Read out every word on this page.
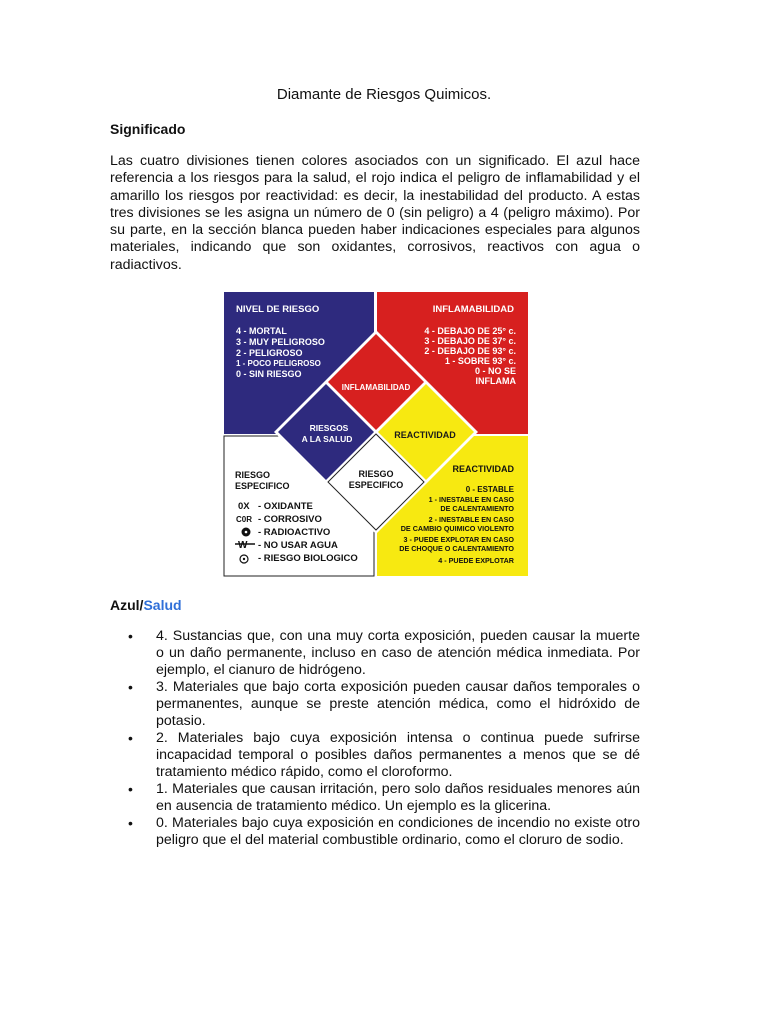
Diamante de Riesgos Quimicos.
Significado

Las cuatro divisiones tienen colores asociados con un significado. El azul hace referencia a los riesgos para la salud, el rojo indica el peligro de inflamabilidad y el amarillo los riesgos por reactividad: es decir, la inestabilidad del producto. A estas tres divisiones se les asigna un número de 0 (sin peligro) a 4 (peligro máximo). Por su parte, en la sección blanca pueden haber indicaciones especiales para algunos materiales, indicando que son oxidantes, corrosivos, reactivos con agua o radiactivos.

NIVEL DE RIESGO
4 - MORTAL
3 - MUY PELIGROSO
2 - PELIGROSO
1 - POCO PELIGROSO
0 - SIN RIESGO
INFLAMABILIDAD
4 - DEBAJO DE 25° c.
3 - DEBAJO DE 37° c.
2 - DEBAJO DE 93° c.
1 - SOBRE 93° c.
0 - NO SE
INFLAMA
INFLAMABILIDAD
RIESGOS
A LA SALUD	REACTIVIDAD
RIESGO
ESPECIFICO
RIESGO
ESPECIFICO
0X - OXIDANTE
C0R - CORROSIVO
- RADIOACTIVO
W - NO USAR AGUA
- RIESGO BIOLOGICO
REACTIVIDAD
0 - ESTABLE
1 - INESTABLE EN CASO
DE CALENTAMIENTO
2 - INESTABLE EN CASO
DE CAMBIO QUIMICO VIOLENTO
3 - PUEDE EXPLOTAR EN CASO
DE CHOQUE O CALENTAMIENTO
4 - PUEDE EXPLOTAR
Azul/Salud
• 4. Sustancias que, con una muy corta exposición, pueden causar la muerte o un daño permanente, incluso en caso de atención médica inmediata. Por ejemplo, el cianuro de hidrógeno.
• 3. Materiales que bajo corta exposición pueden causar daños temporales o permanentes, aunque se preste atención médica, como el hidróxido de potasio.
• 2. Materiales bajo cuya exposición intensa o continua puede sufrirse incapacidad temporal o posibles daños permanentes a menos que se dé tratamiento médico rápido, como el cloroformo.
• 1. Materiales que causan irritación, pero solo daños residuales menores aún en ausencia de tratamiento médico. Un ejemplo es la glicerina.
• 0. Materiales bajo cuya exposición en condiciones de incendio no existe otro peligro que el del material combustible ordinario, como el cloruro de sodio.
